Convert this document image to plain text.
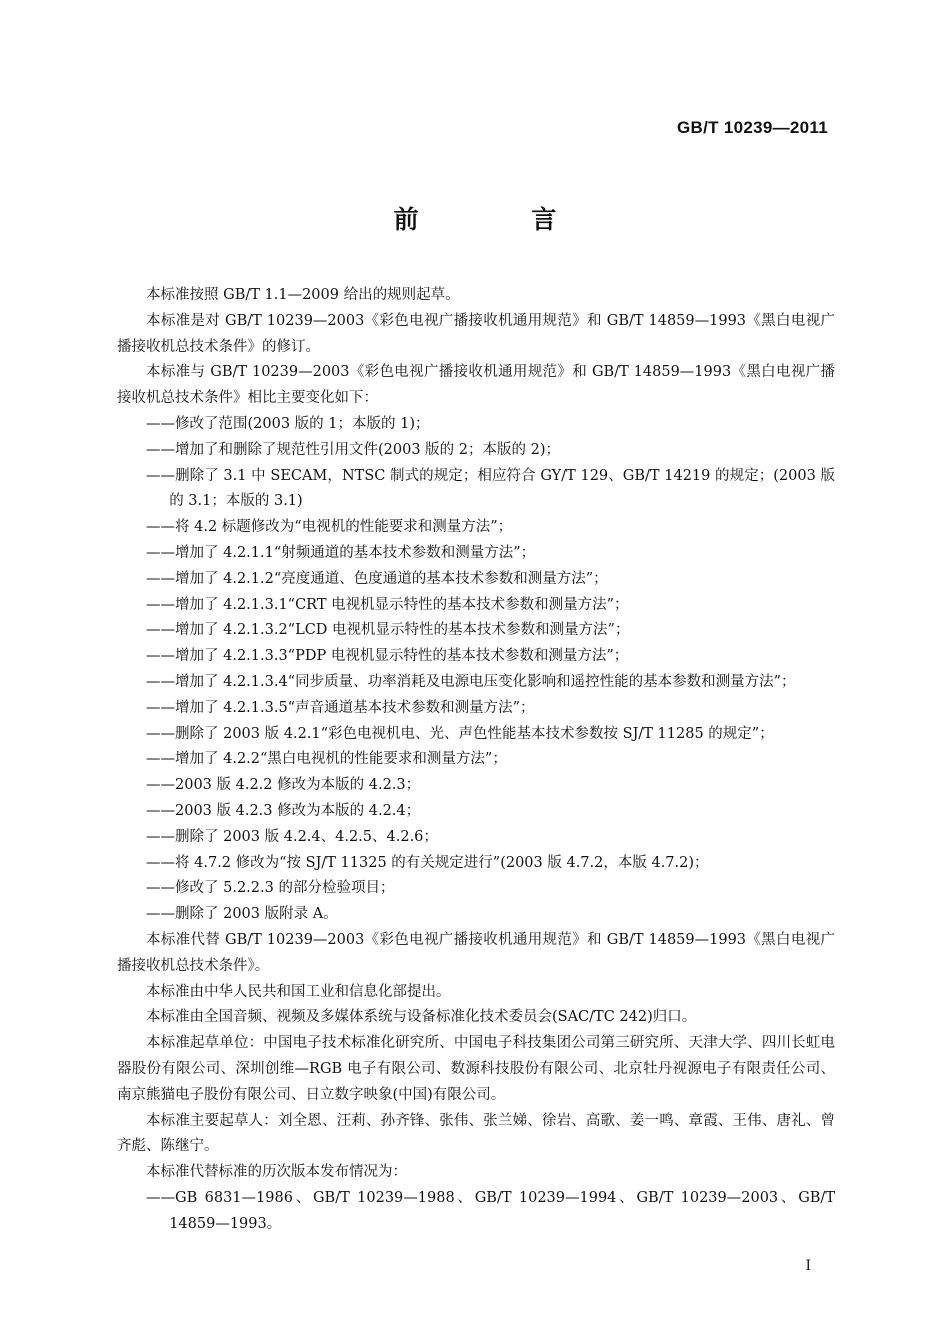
GB/T 10239—2011
前 言

本标准按照 GB/T 1.1—2009 给出的规则起草。

本标准是对 GB/T 10239—2003《彩色电视广播接收机通用规范》和 GB/T 14859—1993《黑白电视广播接收机总技术条件》的修订。

本标准与 GB/T 10239—2003《彩色电视广播接收机通用规范》和 GB/T 14859—1993《黑白电视广播接收机总技术条件》相比主要变化如下：

——修改了范围(2003 版的 1；本版的 1)；

——增加了和删除了规范性引用文件(2003 版的 2；本版的 2)；

——删除了 3.1 中 SECAM，NTSC 制式的规定；相应符合 GY/T 129、GB/T 14219 的规定；(2003 版的 3.1；本版的 3.1)

——将 4.2 标题修改为“电视机的性能要求和测量方法”；

——增加了 4.2.1.1“射频通道的基本技术参数和测量方法”；

——增加了 4.2.1.2“亮度通道、色度通道的基本技术参数和测量方法”；

——增加了 4.2.1.3.1“CRT 电视机显示特性的基本技术参数和测量方法”；

——增加了 4.2.1.3.2“LCD 电视机显示特性的基本技术参数和测量方法”；

——增加了 4.2.1.3.3“PDP 电视机显示特性的基本技术参数和测量方法”；

——增加了 4.2.1.3.4“同步质量、功率消耗及电源电压变化影响和遥控性能的基本参数和测量方法”；

——增加了 4.2.1.3.5“声音通道基本技术参数和测量方法”；

——删除了 2003 版 4.2.1“彩色电视机电、光、声色性能基本技术参数按 SJ/T 11285 的规定”；

——增加了 4.2.2“黑白电视机的性能要求和测量方法”；

——2003 版 4.2.2 修改为本版的 4.2.3；

——2003 版 4.2.3 修改为本版的 4.2.4；

——删除了 2003 版 4.2.4、4.2.5、4.2.6；

——将 4.7.2 修改为“按 SJ/T 11325 的有关规定进行”(2003 版 4.7.2，本版 4.7.2)；

——修改了 5.2.2.3 的部分检验项目；

——删除了 2003 版附录 A。

本标准代替 GB/T 10239—2003《彩色电视广播接收机通用规范》和 GB/T 14859—1993《黑白电视广播接收机总技术条件》。

本标准由中华人民共和国工业和信息化部提出。

本标准由全国音频、视频及多媒体系统与设备标准化技术委员会(SAC/TC 242)归口。

本标准起草单位：中国电子技术标准化研究所、中国电子科技集团公司第三研究所、天津大学、四川长虹电器股份有限公司、深圳创维—RGB 电子有限公司、数源科技股份有限公司、北京牡丹视源电子有限责任公司、南京熊猫电子股份有限公司、日立数字映象(中国)有限公司。

本标准主要起草人：刘全恩、汪莉、孙齐锋、张伟、张兰娣、徐岩、高歌、姜一鸣、章霞、王伟、唐礼、曾齐彪、陈继宁。

本标准代替标准的历次版本发布情况为：

——GB 6831—1986、GB/T 10239—1988、GB/T 10239—1994、GB/T 10239—2003、GB/T 14859—1993。

I
